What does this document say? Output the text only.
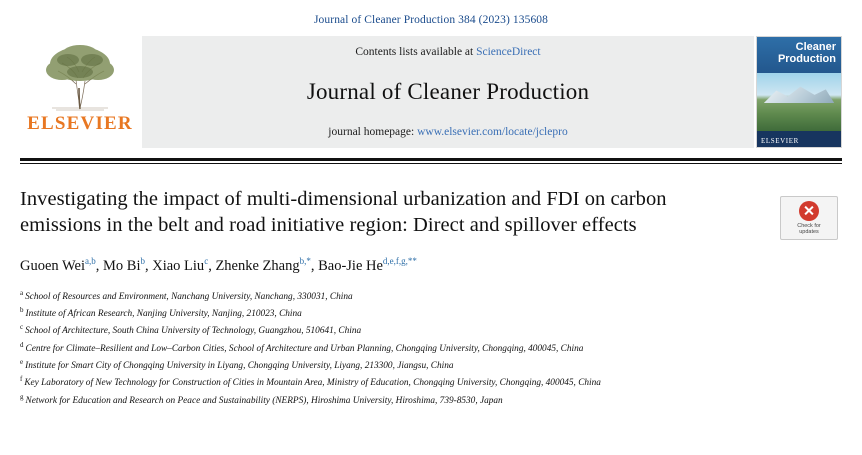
Journal of Cleaner Production 384 (2023) 135608
ELSEVIER
Contents lists available at ScienceDirect
Journal of Cleaner Production
journal homepage: www.elsevier.com/locate/jclepro
Cleaner
Production
ELSEVIER
Check for
updates
Investigating the impact of multi-dimensional urbanization and FDI on carbon emissions in the belt and road initiative region: Direct and spillover effects
Guoen Wei$^{a,b}$, Mo Bi$^b$, Xiao Liu$^c$, Zhenke Zhang$^{b,*}$, Bao-Jie $He^{d,e,f,g,**}$
$^a$ School of Resources and Environment, Nanchang University, Nanchang, 330031, China
$^b$ Institute of African Research, Nanjing University, Nanjing, 210023, China
$^c$ School of Architecture, South China University of Technology, Guangzhou, 510641, China
$^d$ Centre for Climate–Resilient and Low–Carbon Cities, School of Architecture and Urban Planning, Chongqing University, Chongqing, 400045, China
$^e$ Institute for Smart City of Chongqing University in Liyang, Chongqing University, Liyang, 213300, Jiangsu, China
$^f$ Key Laboratory of New Technology for Construction of Cities in Mountain Area, Ministry of Education, Chongqing University, Chongqing, 400045, China
$^g$ Network for Education and Research on Peace and Sustainability (NERPS), Hiroshima University, Hiroshima, 739-8530, Japan
